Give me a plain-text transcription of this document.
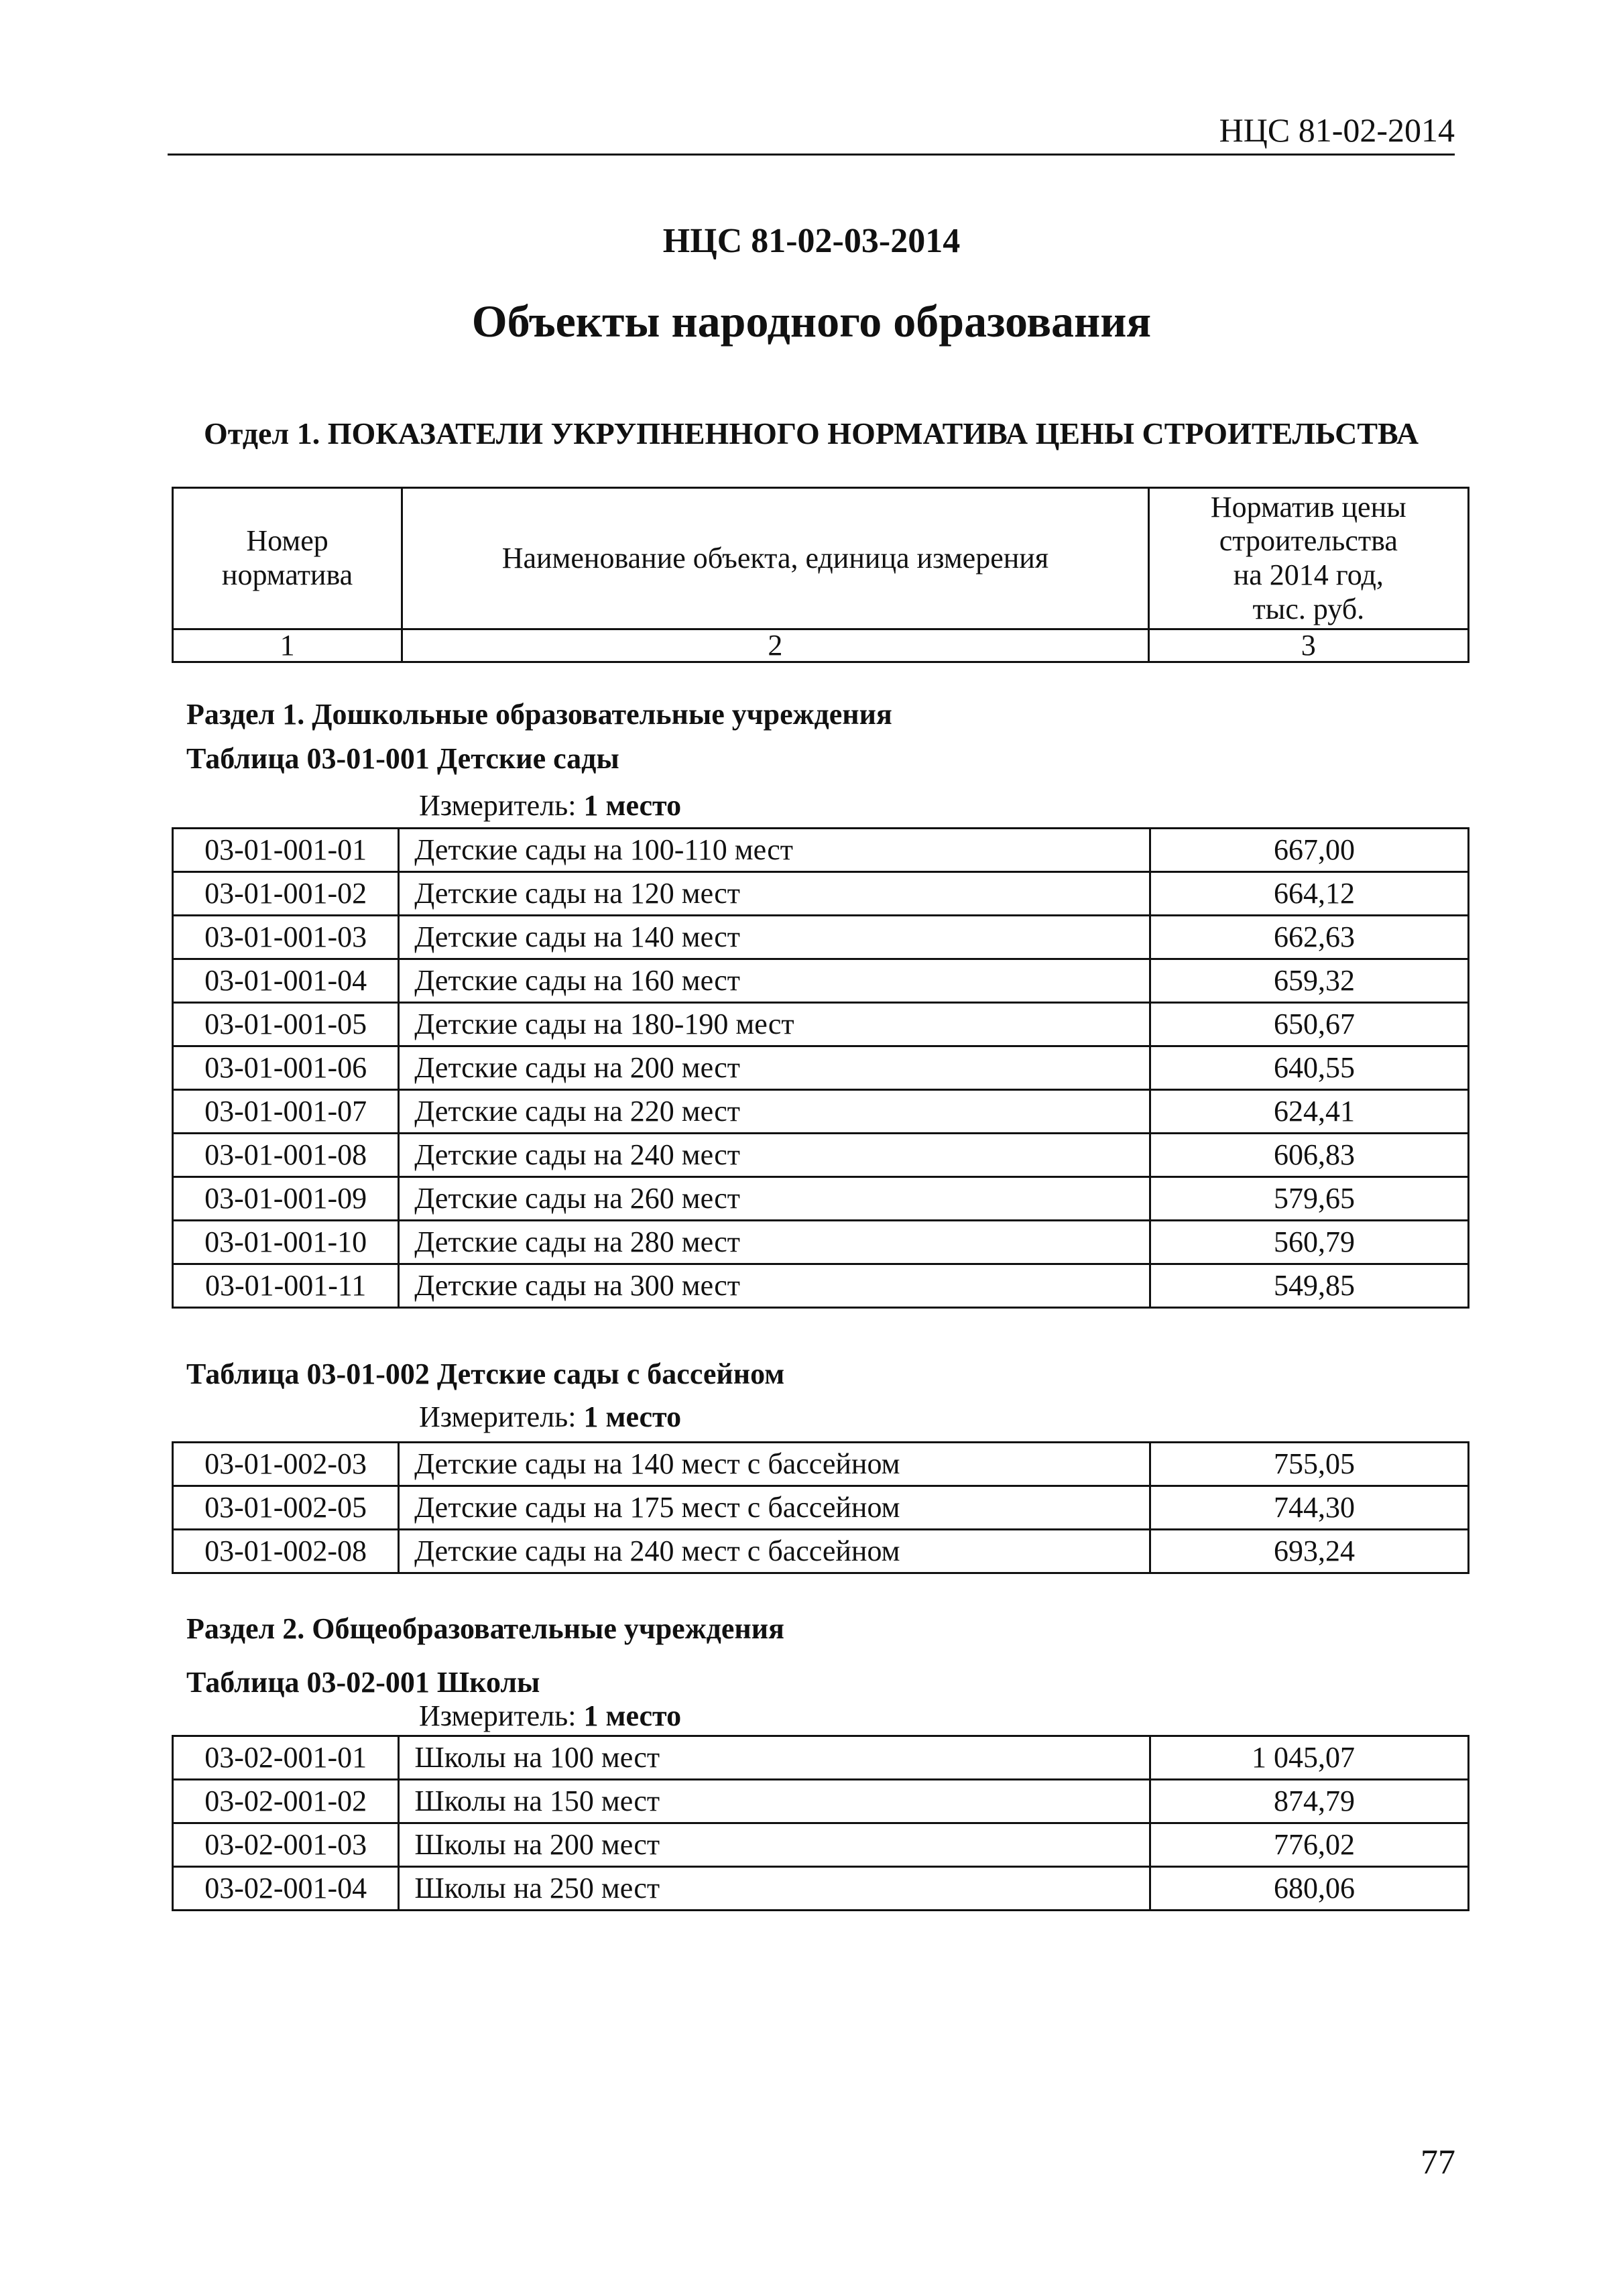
НЦС 81-02-2014
НЦС 81-02-03-2014
Объекты народного образования
Отдел 1. ПОКАЗАТЕЛИ УКРУПНЕННОГО НОРМАТИВА ЦЕНЫ СТРОИТЕЛЬСТВА
Номер норматива	Наименование объекта, единица измерения	Норматив цены
строительства
на 2014 год,
тыс. руб.

1	2	3
Раздел 1. Дошкольные образовательные учреждения
Таблица 03-01-001 Детские сады
Измеритель: 1 место
03-01-001-01	Детские сады на 100-110 мест	667,00
03-01-001-02	Детские сады на 120 мест	664,12
03-01-001-03	Детские сады на 140 мест	662,63
03-01-001-04	Детские сады на 160 мест	659,32
03-01-001-05	Детские сады на 180-190 мест	650,67
03-01-001-06	Детские сады на 200 мест	640,55
03-01-001-07	Детские сады на 220 мест	624,41
03-01-001-08	Детские сады на 240 мест	606,83
03-01-001-09	Детские сады на 260 мест	579,65
03-01-001-10	Детские сады на 280 мест	560,79
03-01-001-11	Детские сады на 300 мест	549,85
Таблица 03-01-002 Детские сады с бассейном
Измеритель: 1 место
03-01-002-03	Детские сады на 140 мест с бассейном	755,05
03-01-002-05	Детские сады на 175 мест с бассейном	744,30
03-01-002-08	Детские сады на 240 мест с бассейном	693,24
Раздел 2. Общеобразовательные учреждения
Таблица 03-02-001 Школы
Измеритель: 1 место
03-02-001-01	Школы на 100 мест	1 045,07
03-02-001-02	Школы на 150 мест	874,79
03-02-001-03	Школы на 200 мест	776,02
03-02-001-04	Школы на 250 мест	680,06
77
